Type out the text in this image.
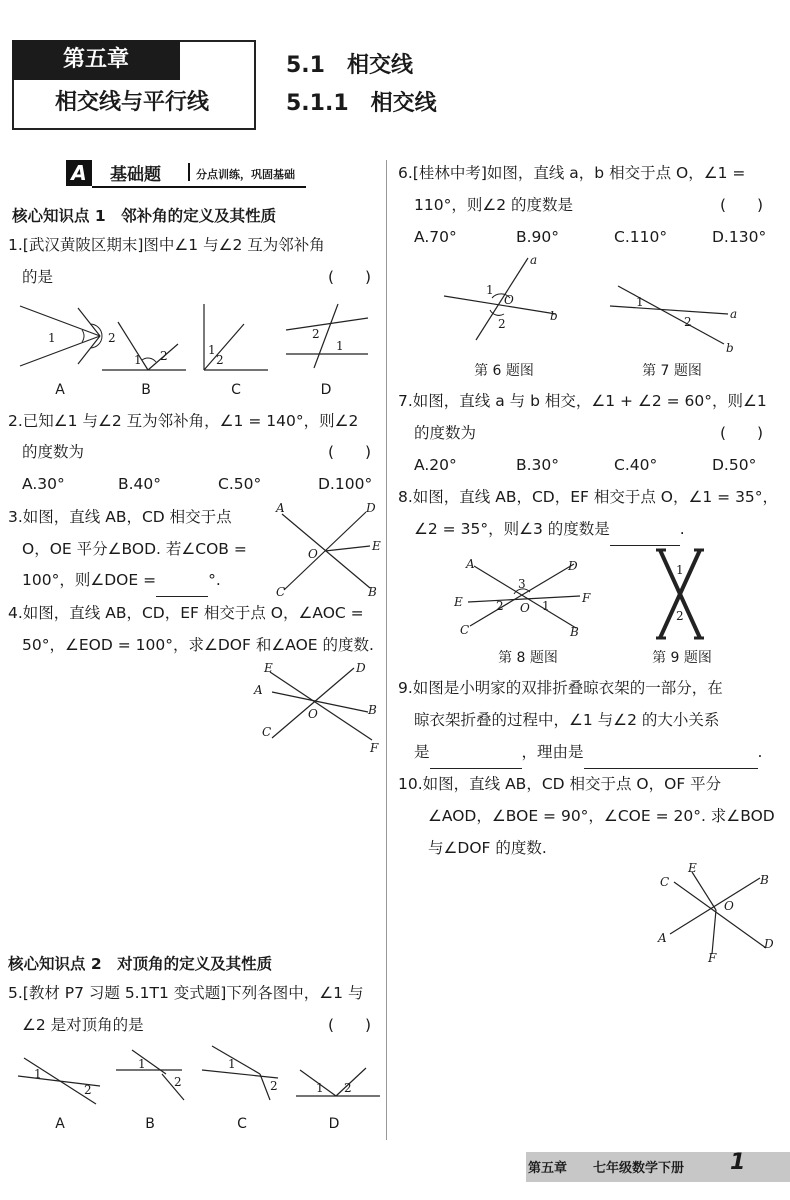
第五章
相交线与平行线
5.1　相交线
5.1.1　相交线
A	基础题	分点训练，巩固基础
核心知识点 1　邻补角的定义及其性质
1.[武汉黄陂区期末]图中∠1 与∠2 互为邻补角
的是	(　　)
1	2
1 2	1
2
2
1
A	B	C	D
2.已知∠1 与∠2 互为邻补角，∠1 = 140°，则∠2
的度数为	(　　)
A.30°	B.40°	C.50°	D.100°
3.如图，直线 AB，CD 相交于点
O，OE 平分∠BOD. 若∠COB =
100°，则∠DOE =	°.
A	D
E
O
C	B
4.如图，直线 AB，CD，EF 相交于点 O，∠AOC =
50°，∠EOD = 100°，求∠DOF 和∠AOE 的度数.
E	D
A
B
O
C
F
核心知识点 2　对顶角的定义及其性质
5.[教材 P7 习题 5.1T1 变式题]下列各图中，∠1 与
∠2 是对顶角的是	(　　)
1
2
1
2
1
2	1 2
A	B	C	D
6.[桂林中考]如图，直线 a，b 相交于点 O，∠1 =
110°，则∠2 的度数是	(　　)
A.70°	B.90°	C.110°	D.130°
a
b
1
O
2
1
2
a
b
第 6 题图	第 7 题图
7.如图，直线 a 与 b 相交，∠1 + ∠2 = 60°，则∠1
的度数为	(　　)
A.20°	B.30°	C.40°	D.50°
8.如图，直线 AB，CD，EF 相交于点 O，∠1 = 35°，
∠2 = 35°，则∠3 的度数是	.
A	D
E	F
3
2	1
O
C	B
1
2
第 8 题图	第 9 题图
9.如图是小明家的双排折叠晾衣架的一部分，在
晾衣架折叠的过程中，∠1 与∠2 的大小关系
是	，理由是	.
10.如图，直线 AB，CD 相交于点 O，OF 平分
∠AOD，∠BOE = 90°，∠COE = 20°. 求∠BOD
与∠DOF 的度数.
C
E
B
O
A	D
F
第五章　　七年级数学下册 1
